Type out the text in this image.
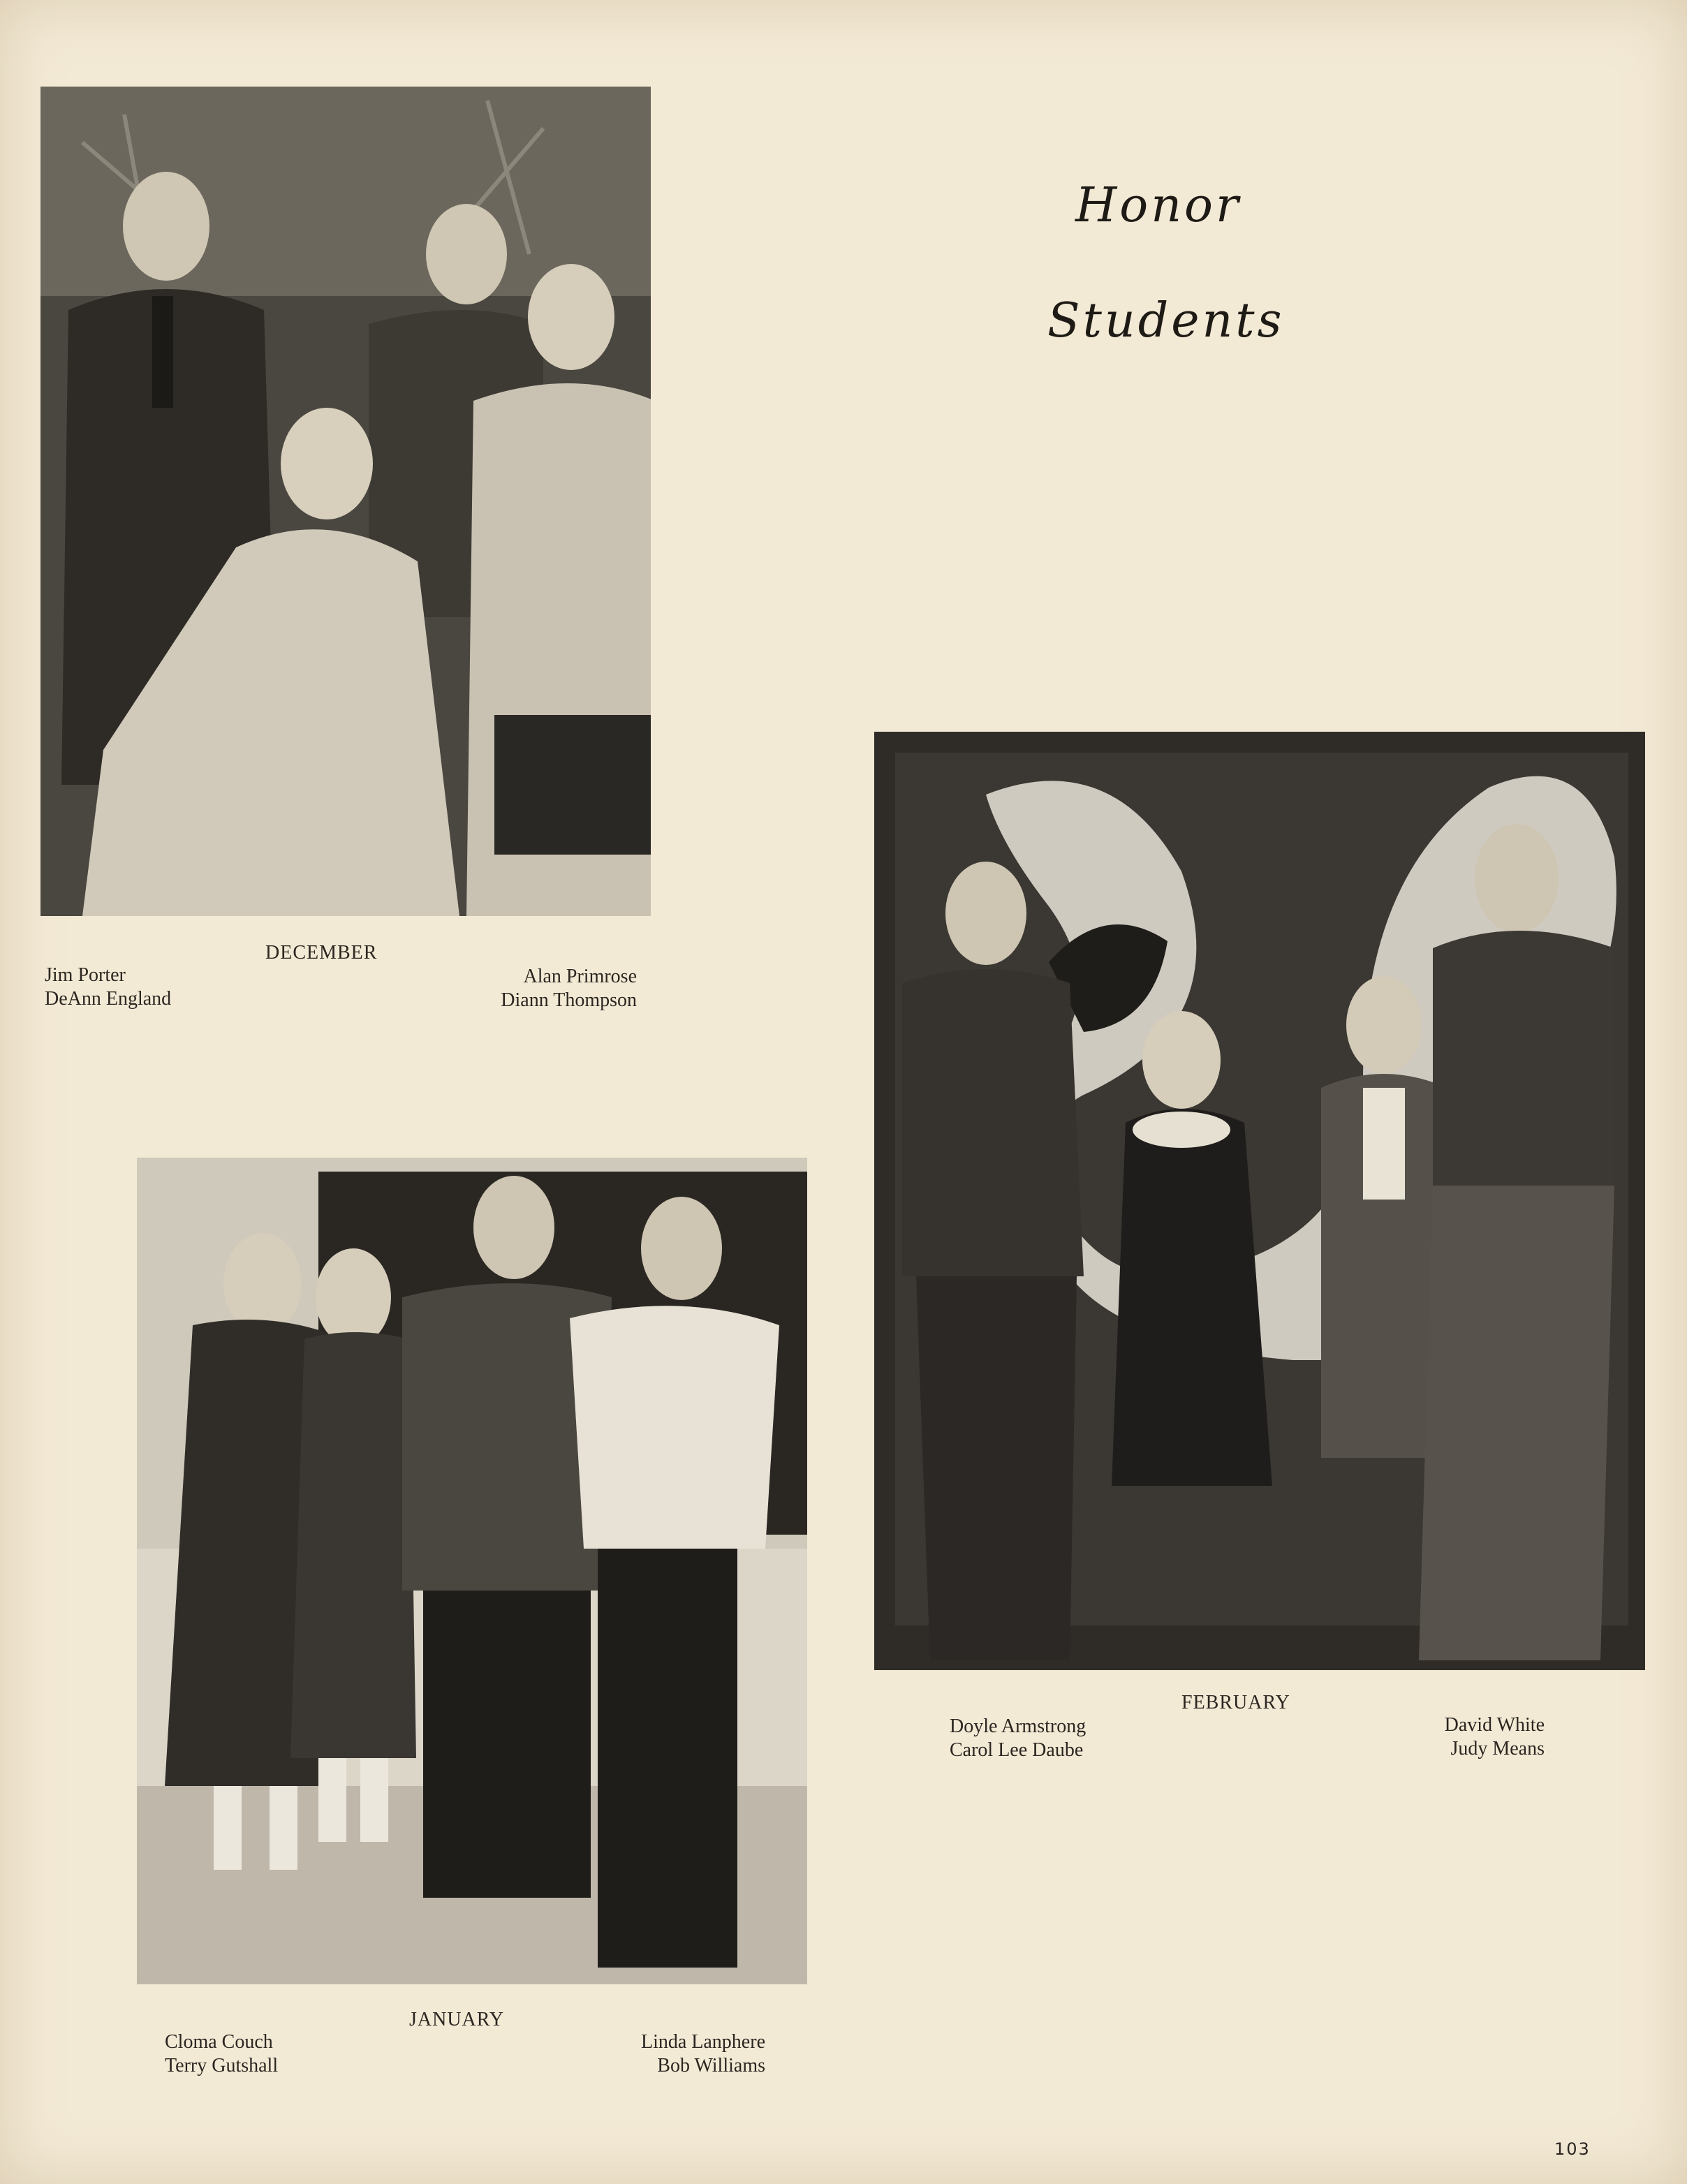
Honor
Students
DECEMBER
Jim Porter
DeAnn England
Alan Primrose
Diann Thompson
FEBRUARY
Doyle Armstrong
Carol Lee Daube
David White
Judy Means
JANUARY
Cloma Couch
Terry Gutshall
Linda Lanphere
Bob Williams
103
